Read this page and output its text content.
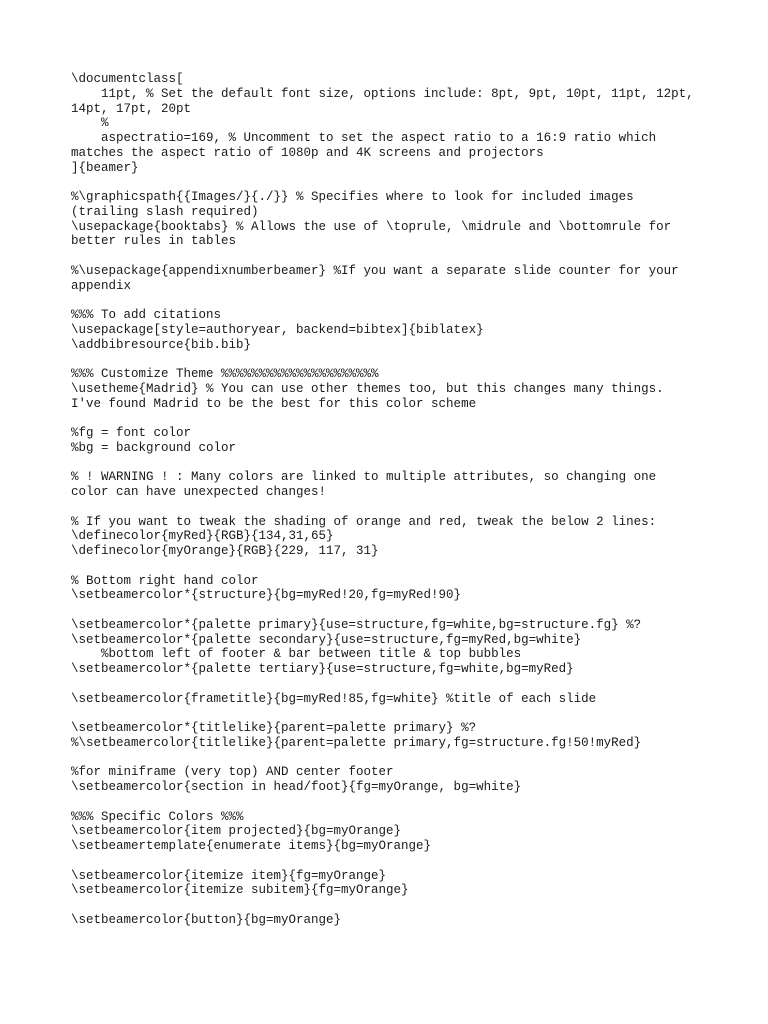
\documentclass[
11pt, % Set the default font size, options include: 8pt, 9pt, 10pt, 11pt, 12pt,
14pt, 17pt, 20pt
%
aspectratio=169, % Uncomment to set the aspect ratio to a 16:9 ratio which
matches the aspect ratio of 1080p and 4K screens and projectors
]{beamer}
%\graphicspath{{Images/}{./}} % Specifies where to look for included images
(trailing slash required)
\usepackage{booktabs} % Allows the use of \toprule, \midrule and \bottomrule for
better rules in tables
%\usepackage{appendixnumberbeamer} %If you want a separate slide counter for your
appendix
%%% To add citations
\usepackage[style=authoryear, backend=bibtex]{biblatex}
\addbibresource{bib.bib}
%%% Customize Theme %%%%%%%%%%%%%%%%%%%%%
\usetheme{Madrid} % You can use other themes too, but this changes many things.
I've found Madrid to be the best for this color scheme
%fg = font color
%bg = background color
% ! WARNING ! : Many colors are linked to multiple attributes, so changing one
color can have unexpected changes!
% If you want to tweak the shading of orange and red, tweak the below 2 lines:
\definecolor{myRed}{RGB}{134,31,65}
\definecolor{myOrange}{RGB}{229, 117, 31}
% Bottom right hand color
\setbeamercolor*{structure}{bg=myRed!20,fg=myRed!90}
\setbeamercolor*{palette primary}{use=structure,fg=white,bg=structure.fg} %?
\setbeamercolor*{palette secondary}{use=structure,fg=myRed,bg=white}
%bottom left of footer & bar between title & top bubbles
\setbeamercolor*{palette tertiary}{use=structure,fg=white,bg=myRed}
\setbeamercolor{frametitle}{bg=myRed!85,fg=white} %title of each slide
\setbeamercolor*{titlelike}{parent=palette primary} %?
%\setbeamercolor{titlelike}{parent=palette primary,fg=structure.fg!50!myRed}
%for miniframe (very top) AND center footer
\setbeamercolor{section in head/foot}{fg=myOrange, bg=white}
%%% Specific Colors %%%
\setbeamercolor{item projected}{bg=myOrange}
\setbeamertemplate{enumerate items}{bg=myOrange}
\setbeamercolor{itemize item}{fg=myOrange}
\setbeamercolor{itemize subitem}{fg=myOrange}
\setbeamercolor{button}{bg=myOrange}
